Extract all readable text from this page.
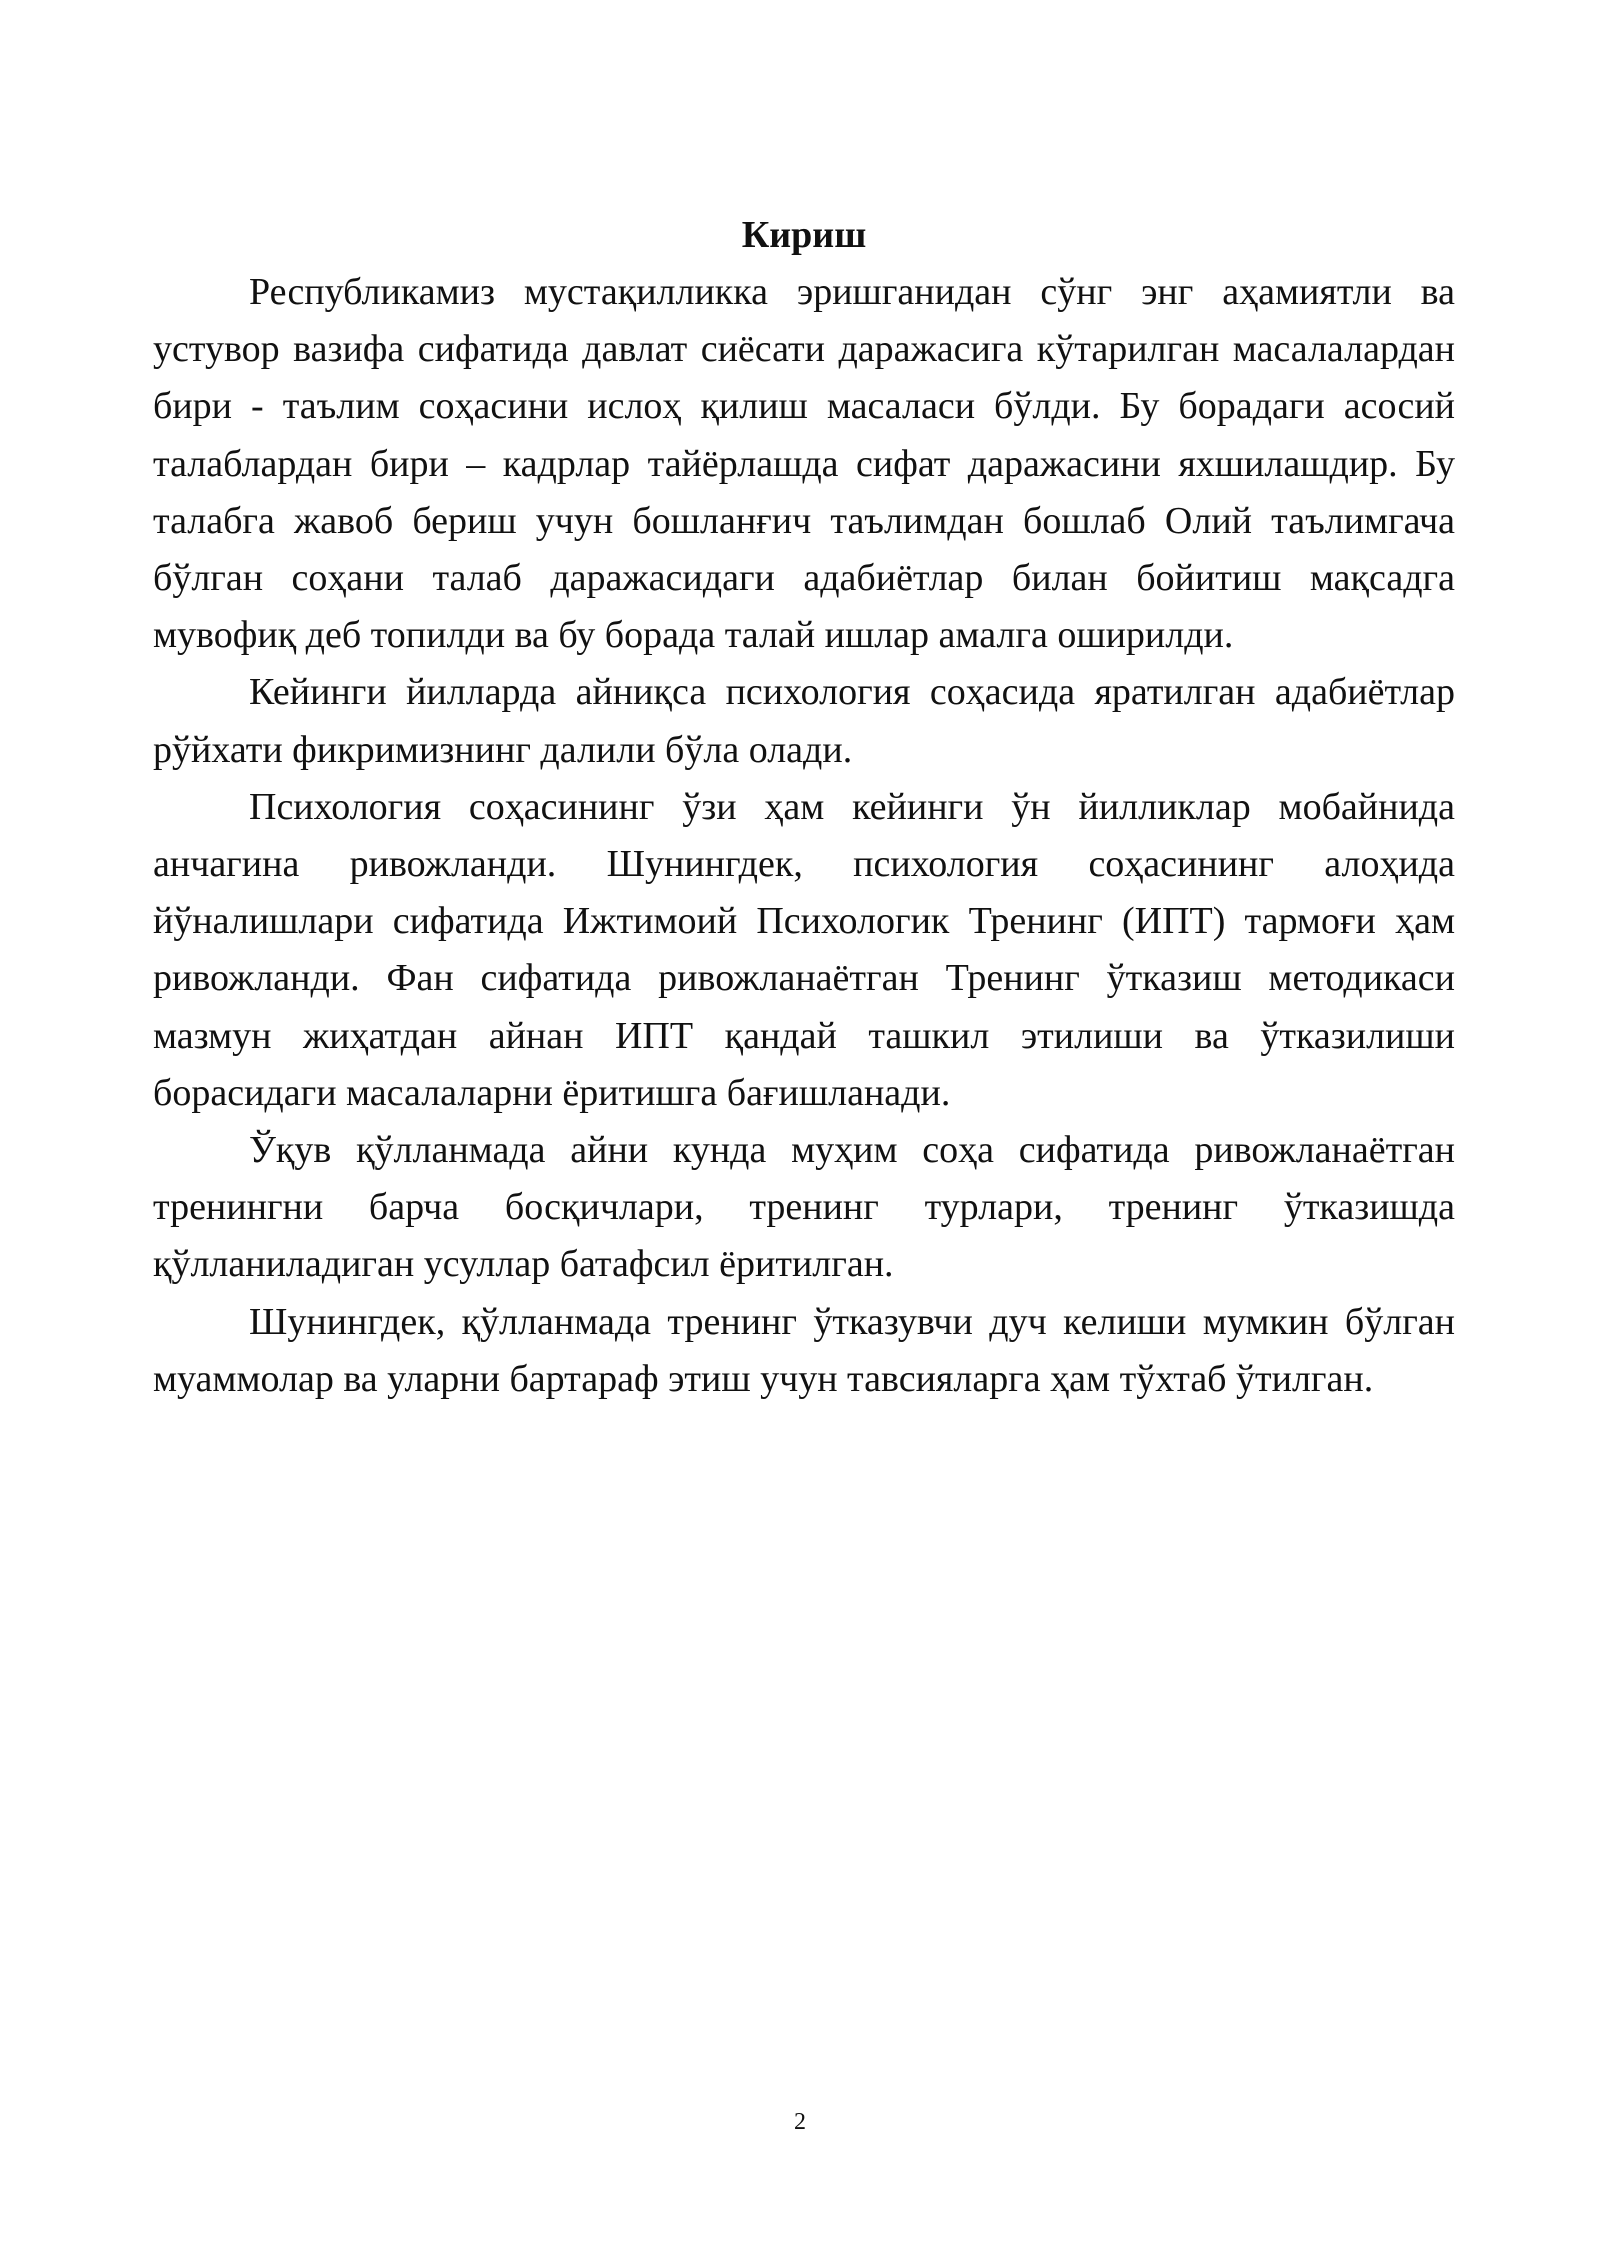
Кириш

Республикамиз мустақилликка эришганидан сўнг энг аҳамиятли ва устувор вазифа сифатида давлат сиёсати даражасига кўтарилган масалалардан бири - таълим соҳасини ислоҳ қилиш масаласи бўлди. Бу борадаги асосий талаблардан бири – кадрлар тайёрлашда сифат даражасини яхшилашдир. Бу талабга жавоб бериш учун бошланғич таълимдан бошлаб Олий таълимгача бўлган соҳани талаб даражасидаги адабиётлар билан бойитиш мақсадга мувофиқ деб топилди ва бу борада талай ишлар амалга оширилди.

Кейинги йилларда айниқса психология соҳасида яратилган адабиётлар рўйхати фикримизнинг далили бўла олади.

Психология соҳасининг ўзи ҳам кейинги ўн йилликлар мобайнида анчагина ривожланди. Шунингдек, психология соҳасининг алоҳида йўналишлари сифатида Ижтимоий Психологик Тренинг (ИПТ) тармоғи ҳам ривожланди. Фан сифатида ривожланаётган Тренинг ўтказиш методикаси мазмун жиҳатдан айнан ИПТ қандай ташкил этилиши ва ўтказилиши борасидаги масалаларни ёритишга бағишланади.

Ўқув қўлланмада айни кунда муҳим соҳа сифатида ривожланаётган тренингни барча босқичлари, тренинг турлари, тренинг ўтказишда қўлланиладиган усуллар батафсил ёритилган.

Шунингдек, қўлланмада тренинг ўтказувчи дуч келиши мумкин бўлган муаммолар ва уларни бартараф этиш учун тавсияларга ҳам тўхтаб ўтилган.

2
